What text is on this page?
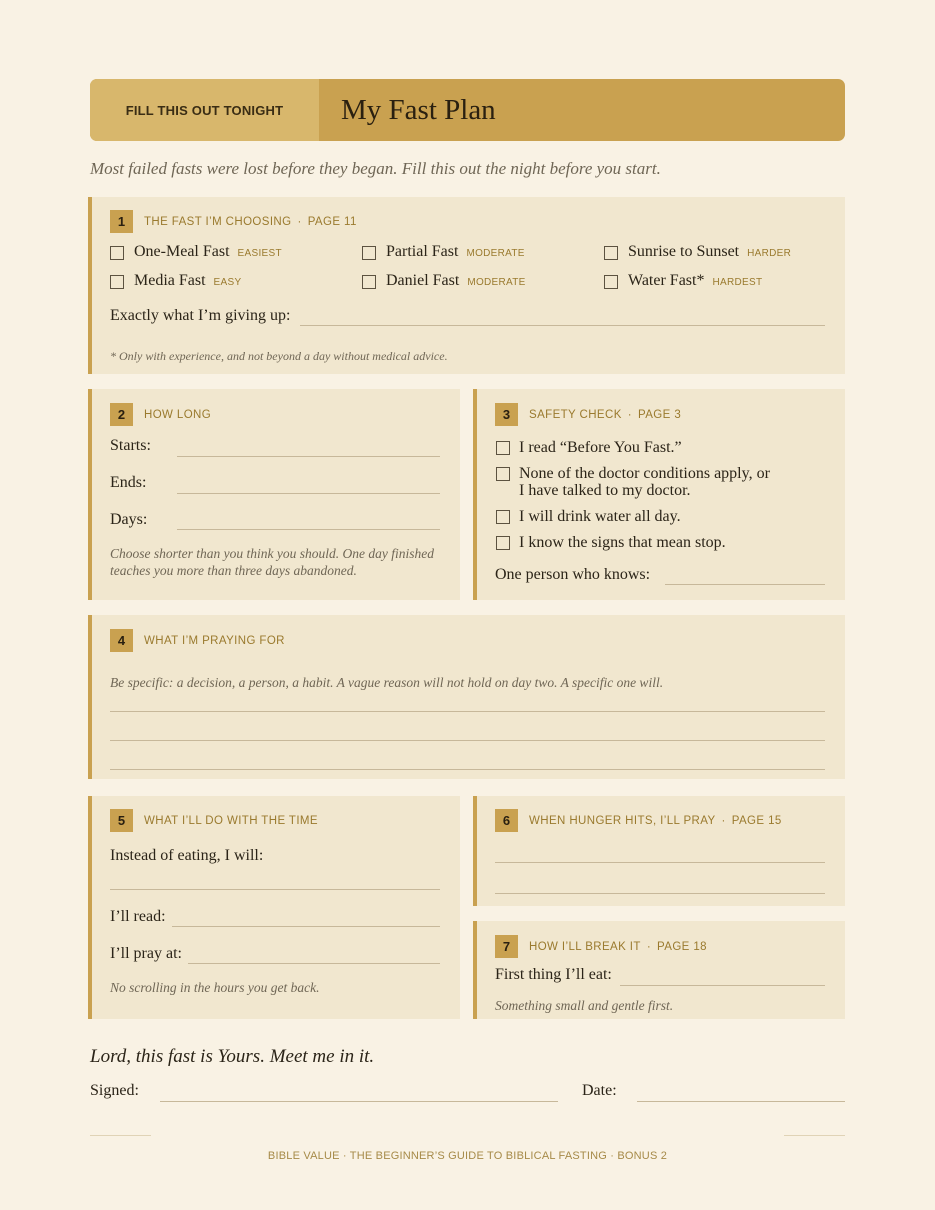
FILL THIS OUT TONIGHT	My Fast Plan
Most failed fasts were lost before they began. Fill this out the night before you start.
1	THE FAST I’M CHOOSING · PAGE 11
One-Meal Fast EASIEST	Partial Fast MODERATE	Sunrise to Sunset HARDER
Media Fast EASY	Daniel Fast MODERATE	Water Fast* HARDEST
Exactly what I’m giving up:
* Only with experience, and not beyond a day without medical advice.
2	HOW LONG
Starts:
Ends:
Days:
Choose shorter than you think you should. One day finished teaches you more than three days abandoned.
3	SAFETY CHECK · PAGE 3
I read “Before You Fast.”
None of the doctor conditions apply, or I have talked to my doctor.
I will drink water all day.
I know the signs that mean stop.
One person who knows:
4	WHAT I’M PRAYING FOR
Be specific: a decision, a person, a habit. A vague reason will not hold on day two. A specific one will.
5	WHAT I’LL DO WITH THE TIME
Instead of eating, I will:
I’ll read:
I’ll pray at:
No scrolling in the hours you get back.
6	WHEN HUNGER HITS, I’LL PRAY · PAGE 15
7	HOW I’LL BREAK IT · PAGE 18
First thing I’ll eat:
Something small and gentle first.
Lord, this fast is Yours. Meet me in it.
Signed:	Date:
BIBLE VALUE · THE BEGINNER’S GUIDE TO BIBLICAL FASTING · BONUS 2
